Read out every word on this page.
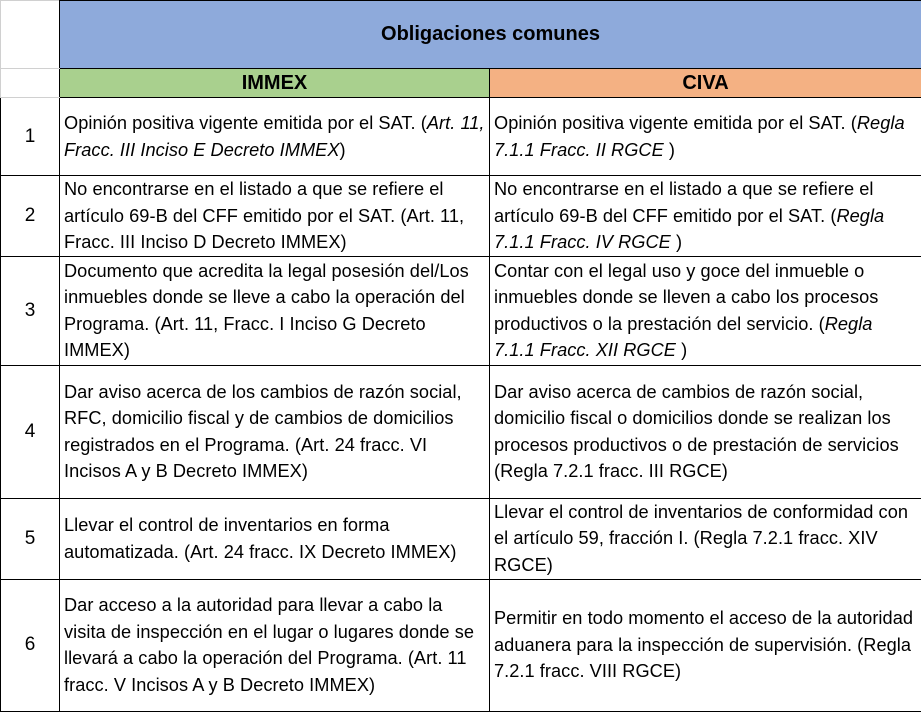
	Obligaciones comunes	
	IMMEX	CIVA
1	Opinión positiva vigente emitida por el SAT. (Art. 11, Fracc. III Inciso E Decreto IMMEX)	Opinión positiva vigente emitida por el SAT. (Regla 7.1.1 Fracc. II RGCE )
2	No encontrarse en el listado a que se refiere el artículo 69-B del CFF emitido por el SAT. (Art. 11, Fracc. III Inciso D Decreto IMMEX)	No encontrarse en el listado a que se refiere el artículo 69-B del CFF emitido por el SAT. (Regla 7.1.1 Fracc. IV RGCE )
3	Documento que acredita la legal posesión del/Los inmuebles donde se lleve a cabo la operación del Programa. (Art. 11, Fracc. I Inciso G Decreto IMMEX)	Contar con el legal uso y goce del inmueble o inmuebles donde se lleven a cabo los procesos productivos o la prestación del servicio. (Regla 7.1.1 Fracc. XII RGCE )
4	Dar aviso acerca de los cambios de razón social, RFC, domicilio fiscal y de cambios de domicilios registrados en el Programa. (Art. 24 fracc. VI Incisos A y B Decreto IMMEX)	Dar aviso acerca de cambios de razón social, domicilio fiscal o domicilios donde se realizan los procesos productivos o de prestación de servicios (Regla 7.2.1 fracc. III RGCE)
5	Llevar el control de inventarios en forma automatizada. (Art. 24 fracc. IX Decreto IMMEX)	Llevar el control de inventarios de conformidad con el artículo 59, fracción I. (Regla 7.2.1 fracc. XIV RGCE)
6	Dar acceso a la autoridad para llevar a cabo la visita de inspección en el lugar o lugares donde se llevará a cabo la operación del Programa. (Art. 11 fracc. V Incisos A y B Decreto IMMEX)	Permitir en todo momento el acceso de la autoridad aduanera para la inspección de supervisión. (Regla 7.2.1 fracc. VIII RGCE)
